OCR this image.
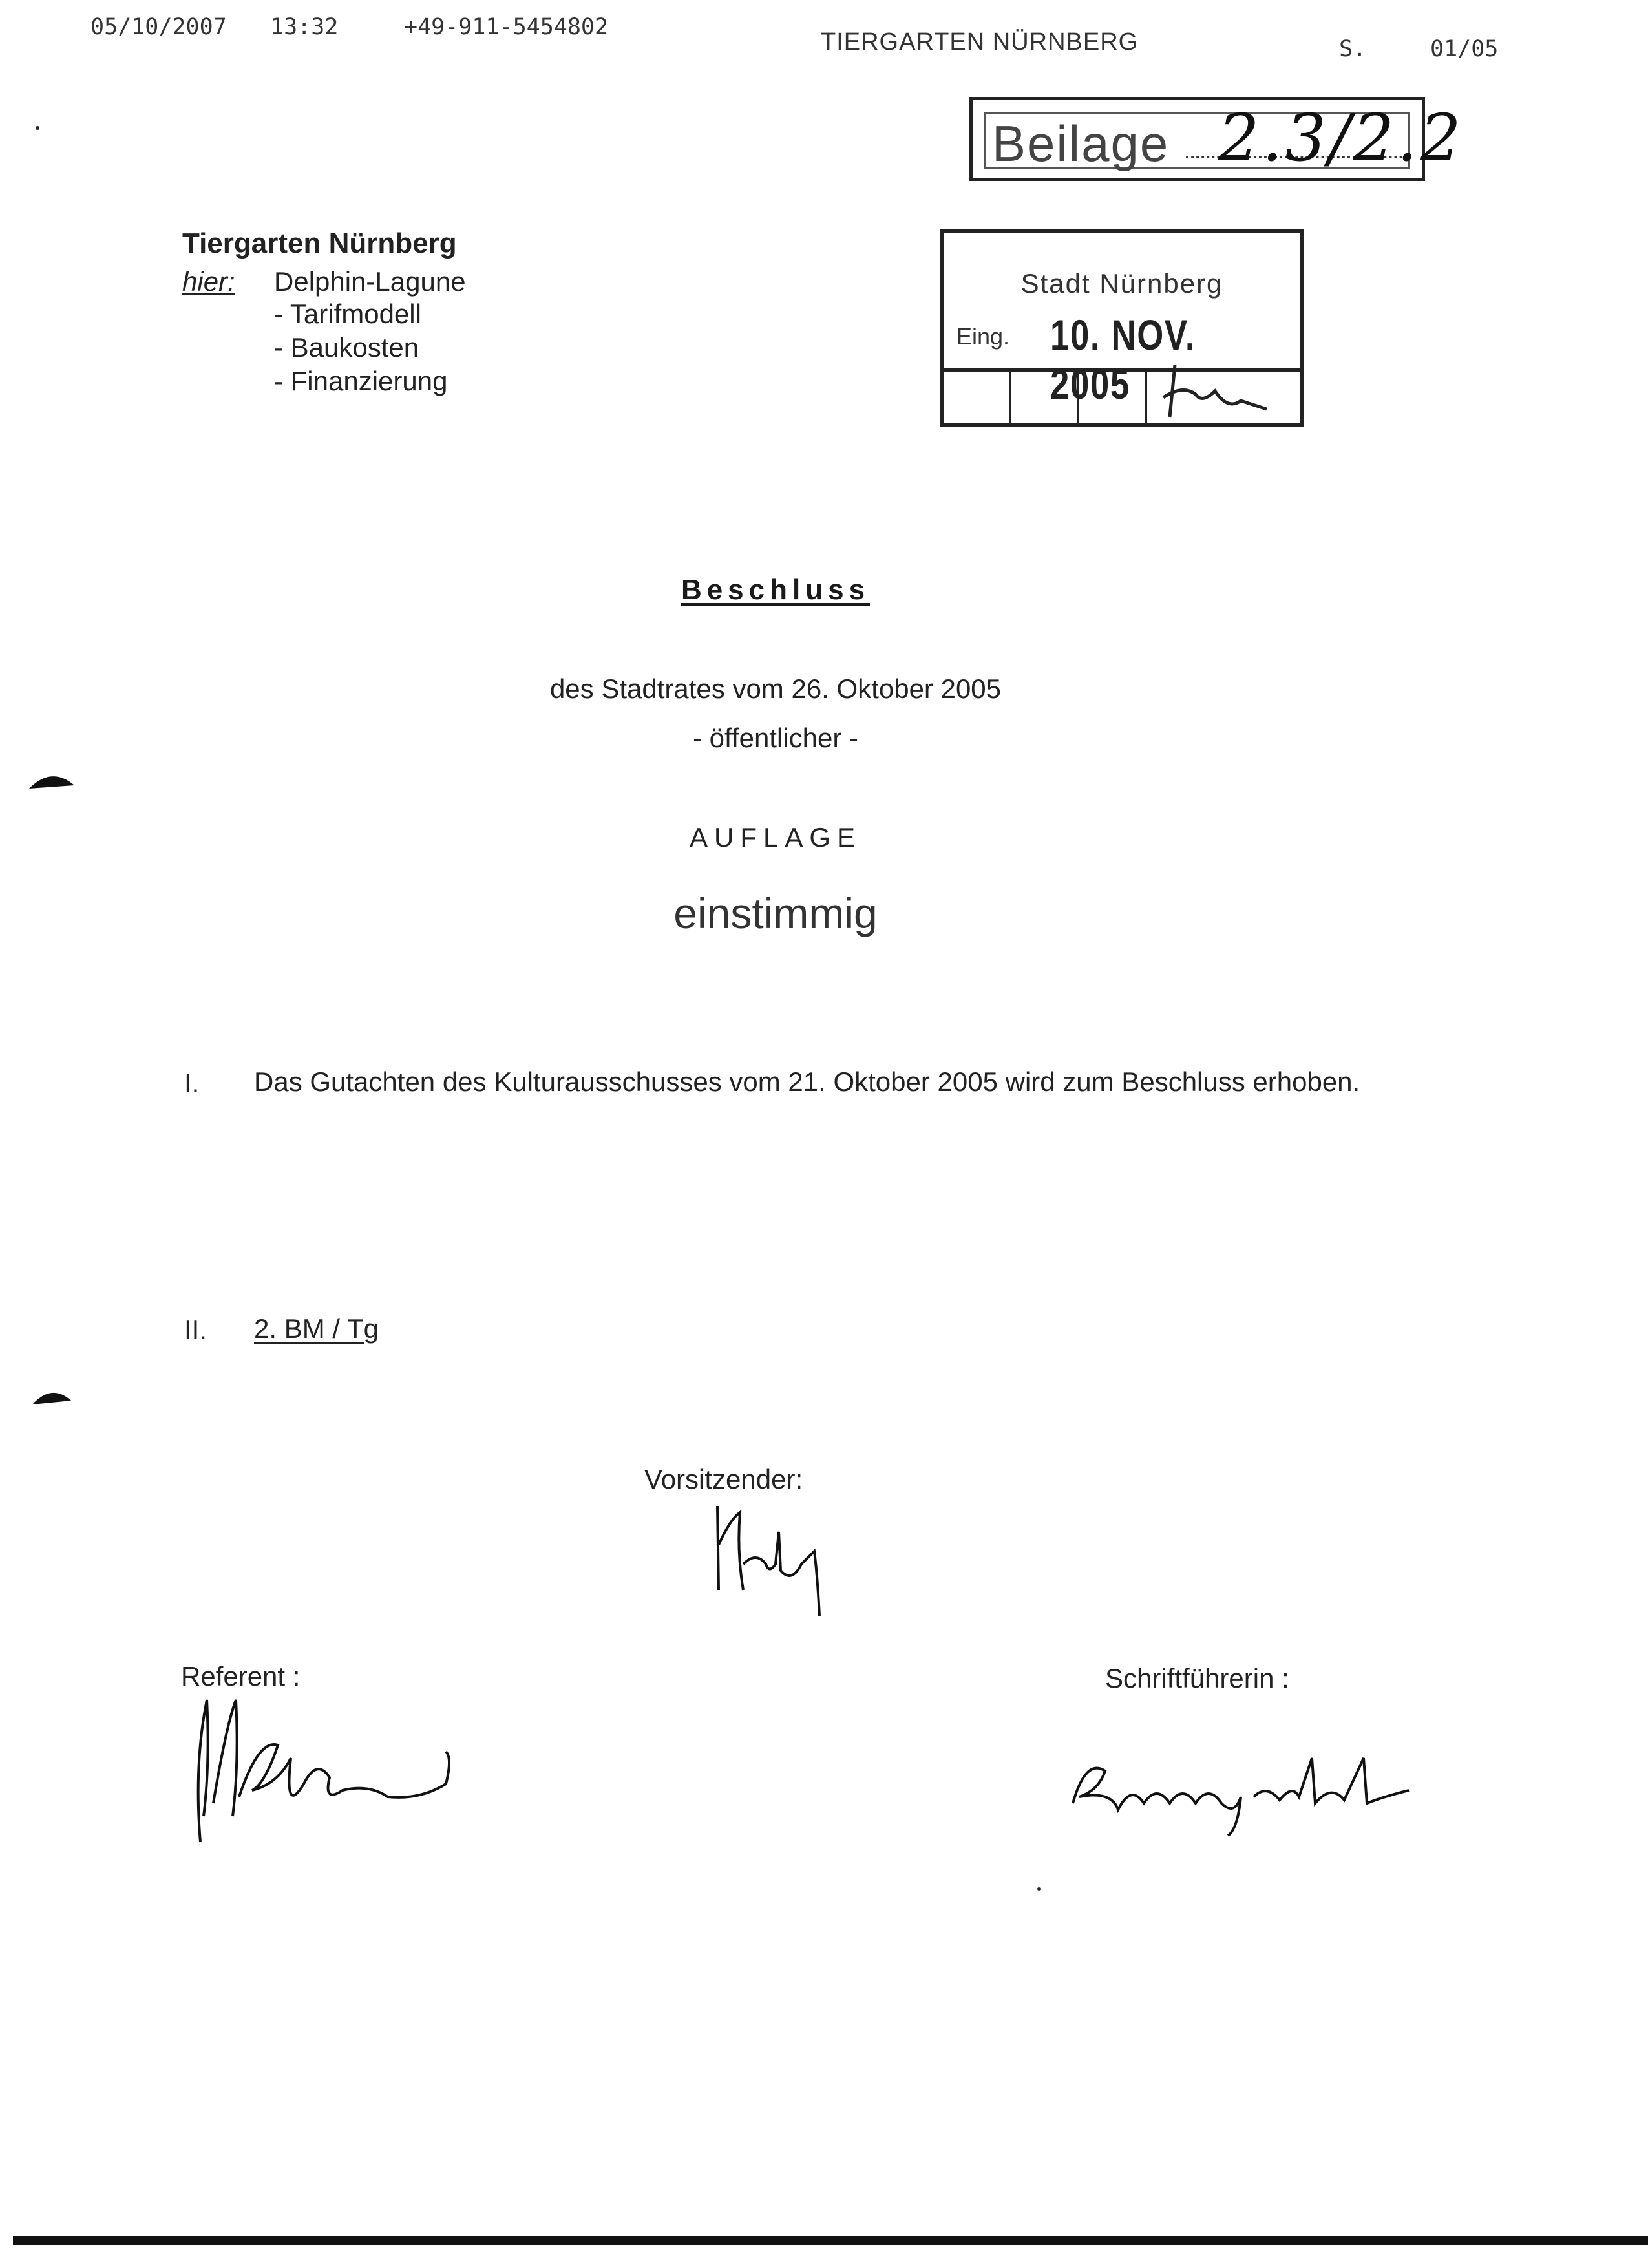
05/10/2007 13:32	+49-911-5454802
TIERGARTEN NÜRNBERG	S.	01/05
Beilage 2.3/2.2
Stadt Nürnberg
Eing. 10. NOV. 2005
Tiergarten Nürnberg
hier: Delphin-Lagune
- Tarifmodell
- Baukosten
- Finanzierung
Beschluss
des Stadtrates vom 26. Oktober 2005
- öffentlicher -
AUFLAGE
einstimmig
I. Das Gutachten des Kulturausschusses vom 21. Oktober 2005 wird zum Beschluss erhoben.
II. 2. BM / Tg
Vorsitzender:
Referent :	Schriftführerin :
